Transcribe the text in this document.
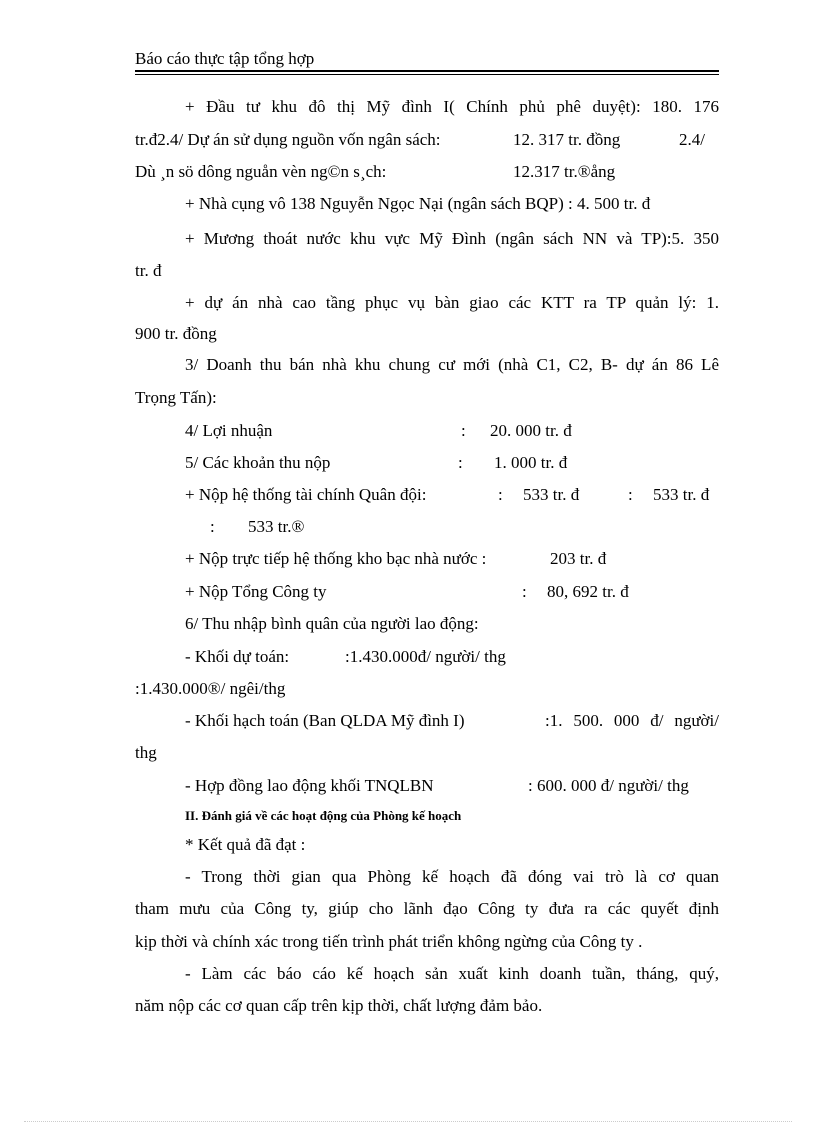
Báo cáo thực tập tổng hợp
+ Đầu tư khu đô thị Mỹ đình I( Chính phủ phê duyệt): 180. 176
tr.đ2.4/ Dự án sử dụng nguồn vốn ngân sách:	12. 317 tr. đồng	2.4/
Dù ¸n sö dông nguån vèn ng©n s¸ch:	12.317 tr.®ång
+ Nhà cụng vô 138 Nguyễn Ngọc Nại (ngân sách BQP) : 4. 500 tr. đ
+ Mương thoát nước khu vực Mỹ Đình (ngân sách NN và TP):5. 350
tr. đ
+ dự án nhà cao tầng phục vụ bàn giao các KTT ra TP quản lý: 1.
900 tr. đồng
3/ Doanh thu bán nhà khu chung cư mới (nhà C1, C2, B- dự án 86 Lê
Trọng Tấn):
4/ Lợi nhuận	: 20. 000 tr. đ
5/ Các khoản thu nộp	: 1. 000 tr. đ
+ Nộp hệ thống tài chính Quân đội:	: 533 tr. đ	: 533 tr. đ
: 533 tr.®
+ Nộp trực tiếp hệ thống kho bạc nhà nước :	203 tr. đ
+ Nộp Tổng Công ty	: 80, 692 tr. đ
6/ Thu nhập bình quân của người lao động:
- Khối dự toán:	:1.430.000đ/ người/ thg
:1.430.000®/ ngêi/thg
- Khối hạch toán (Ban QLDA Mỹ đình I)	:1. 500. 000 đ/ người/
thg
- Hợp đồng lao động khối TNQLBN	: 600. 000 đ/ người/ thg
II. Đánh giá về các hoạt động của Phòng kế hoạch
* Kết quả đã đạt :
- Trong thời gian qua Phòng kế hoạch đã đóng vai trò là cơ quan
tham mưu của Công ty, giúp cho lãnh đạo Công ty đưa ra các quyết định
kịp thời và chính xác trong tiến trình phát triển không ngừng của Công ty .
- Làm các báo cáo kế hoạch sản xuất kinh doanh tuần, tháng, quý,
năm nộp các cơ quan cấp trên kịp thời, chất lượng đảm bảo.
